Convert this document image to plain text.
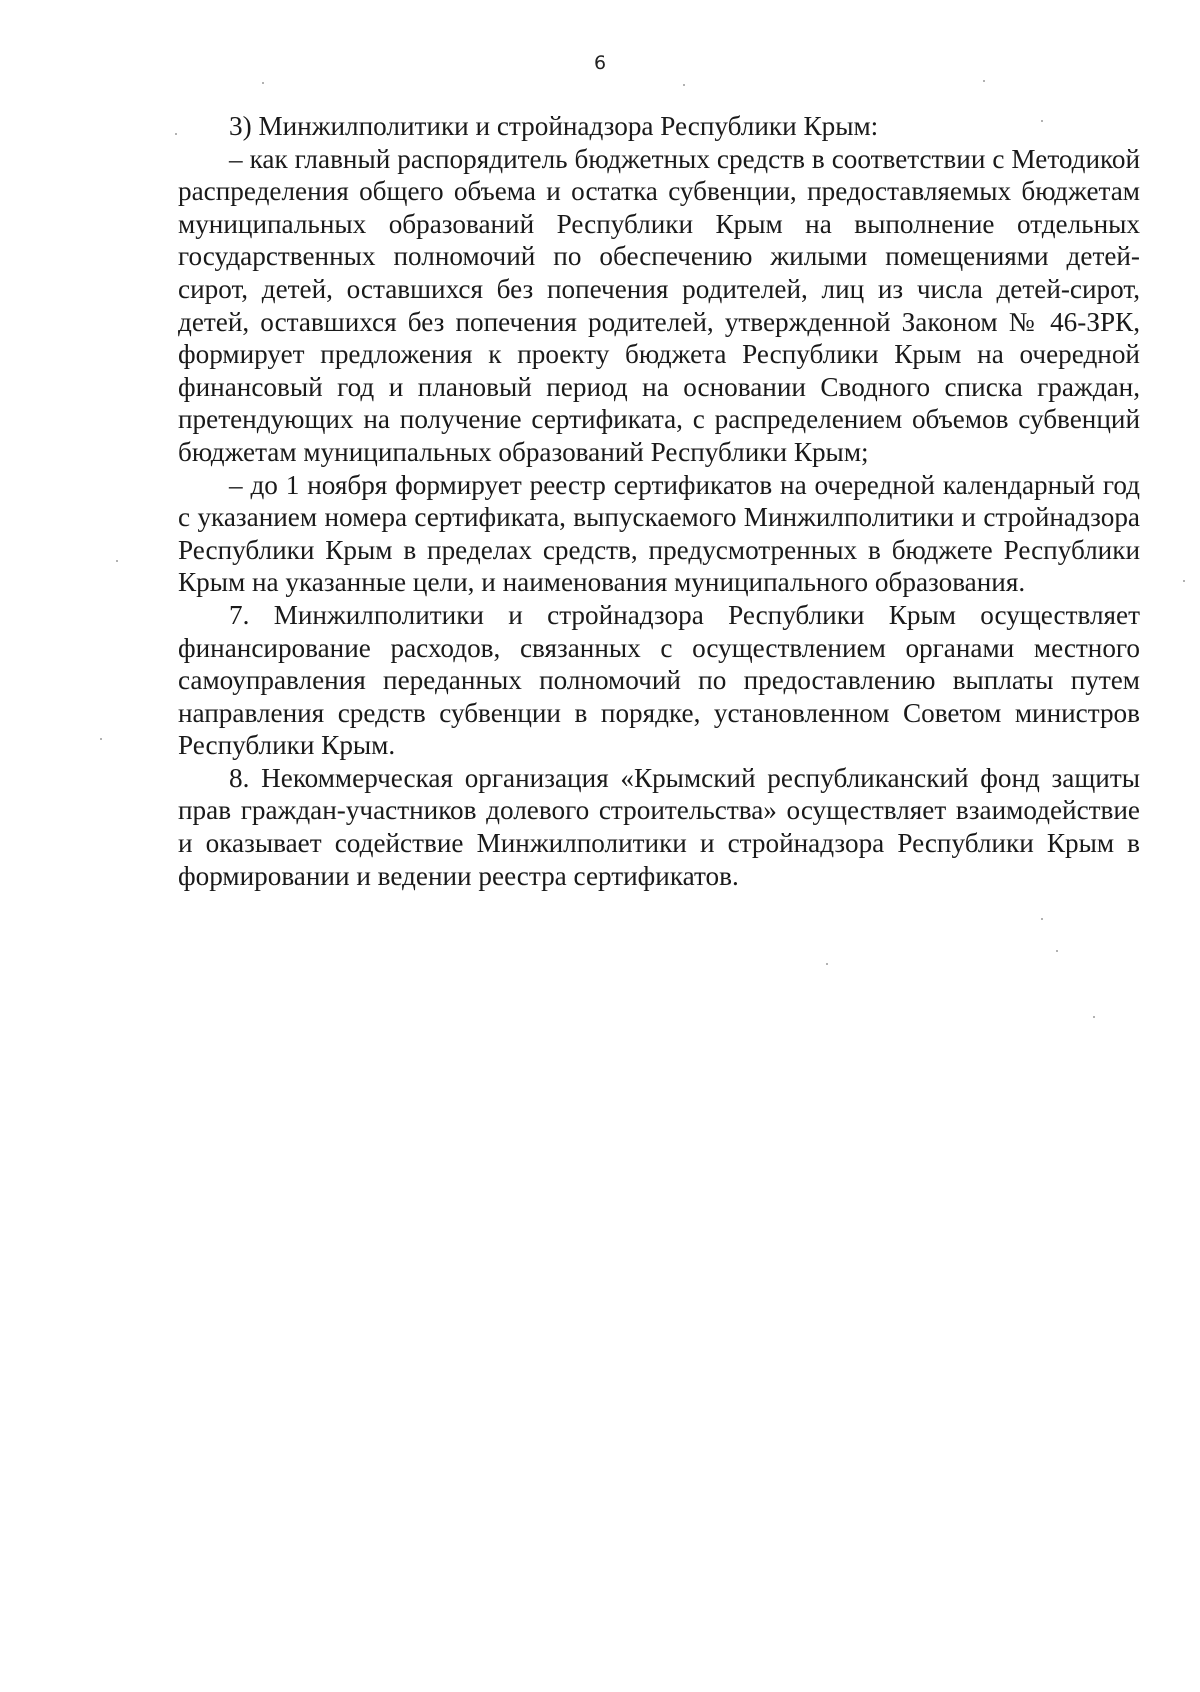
6

3) Минжилполитики и стройнадзора Республики Крым:

– как главный распорядитель бюджетных средств в соответствии с Методикой распределения общего объема и остатка субвенции, предоставляемых бюджетам муниципальных образований Республики Крым на выполнение отдельных государственных полномочий по обеспечению жилыми помещениями детей-сирот, детей, оставшихся без попечения родителей, лиц из числа детей-сирот, детей, оставшихся без попечения родителей, утвержденной Законом № 46-ЗРК, формирует предложения к проекту бюджета Республики Крым на очередной финансовый год и плановый период на основании Сводного списка граждан, претендующих на получение сертификата, с распределением объемов субвенций бюджетам муниципальных образований Республики Крым;

– до 1 ноября формирует реестр сертификатов на очередной календарный год с указанием номера сертификата, выпускаемого Минжилполитики и стройнадзора Республики Крым в пределах средств, предусмотренных в бюджете Республики Крым на указанные цели, и наименования муниципального образования.

7. Минжилполитики и стройнадзора Республики Крым осуществляет финансирование расходов, связанных с осуществлением органами местного самоуправления переданных полномочий по предоставлению выплаты путем направления средств субвенции в порядке, установленном Советом министров Республики Крым.

8. Некоммерческая организация «Крымский республиканский фонд защиты прав граждан-участников долевого строительства» осуществляет взаимодействие и оказывает содействие Минжилполитики и стройнадзора Республики Крым в формировании и ведении реестра сертификатов.
